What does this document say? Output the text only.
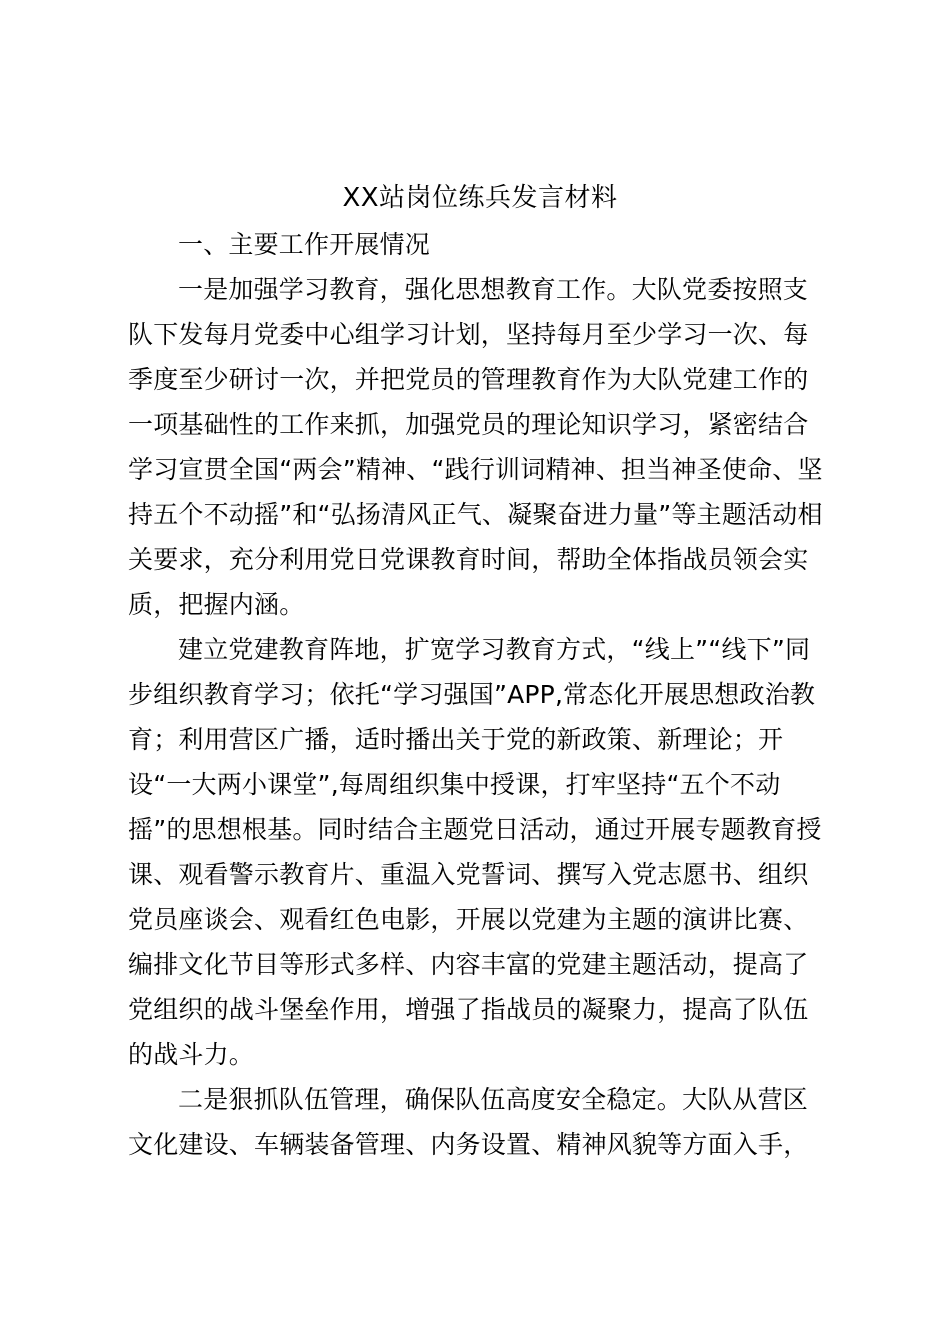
XX站岗位练兵发言材料
一、主要工作开展情况
一是加强学习教育，强化思想教育工作。大队党委按照支
队下发每月党委中心组学习计划，坚持每月至少学习一次、每
季度至少研讨一次，并把党员的管理教育作为大队党建工作的
一项基础性的工作来抓，加强党员的理论知识学习，紧密结合
学习宣贯全国“两会”精神、“践行训词精神、担当神圣使命、坚
持五个不动摇”和“弘扬清风正气、凝聚奋进力量”等主题活动相
关要求，充分利用党日党课教育时间，帮助全体指战员领会实
质，把握内涵。
建立党建教育阵地，扩宽学习教育方式，“线上”“线下”同
步组织教育学习；依托“学习强国”APP,常态化开展思想政治教
育；利用营区广播，适时播出关于党的新政策、新理论；开
设“一大两小课堂”,每周组织集中授课，打牢坚持“五个不动
摇”的思想根基。同时结合主题党日活动，通过开展专题教育授
课、观看警示教育片、重温入党誓词、撰写入党志愿书、组织
党员座谈会、观看红色电影，开展以党建为主题的演讲比赛、
编排文化节目等形式多样、内容丰富的党建主题活动，提高了
党组织的战斗堡垒作用，增强了指战员的凝聚力，提高了队伍
的战斗力。
二是狠抓队伍管理，确保队伍高度安全稳定。大队从营区
文化建设、车辆装备管理、内务设置、精神风貌等方面入手，
